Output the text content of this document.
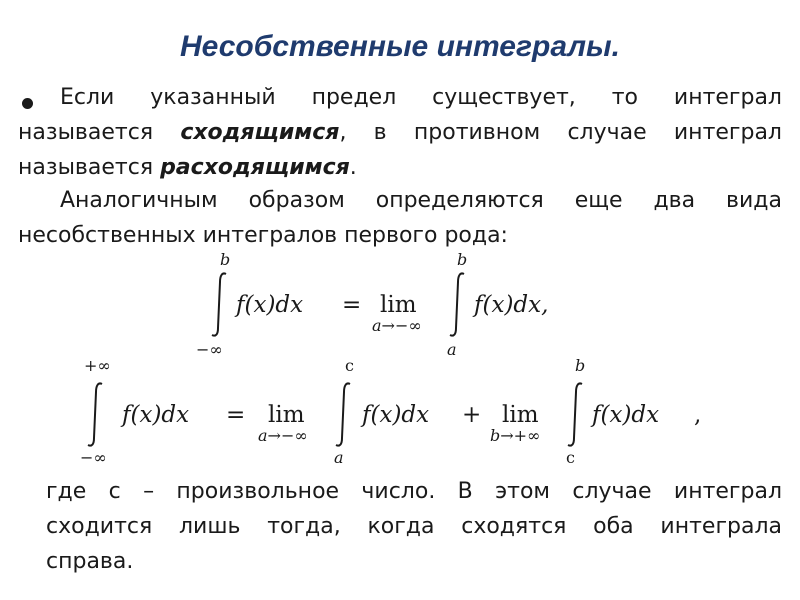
Несобственные интегралы.
Если указанный предел существует, то интеграл
называется сходящимся, в противном случае интеграл
называется расходящимся.
Аналогичным образом определяются еще два вида
несобственных интегралов первого рода:
b
−∞
f(x)dx = lim
a→−∞
b
a
f(x)dx,
+∞
−∞
f(x)dx = lim
a→−∞
c
a
f(x)dx + lim
b→+∞
b
c
f(x)dx ,
где с – произвольное число. В этом случае интеграл
сходится лишь тогда, когда сходятся оба интеграла
справа.
